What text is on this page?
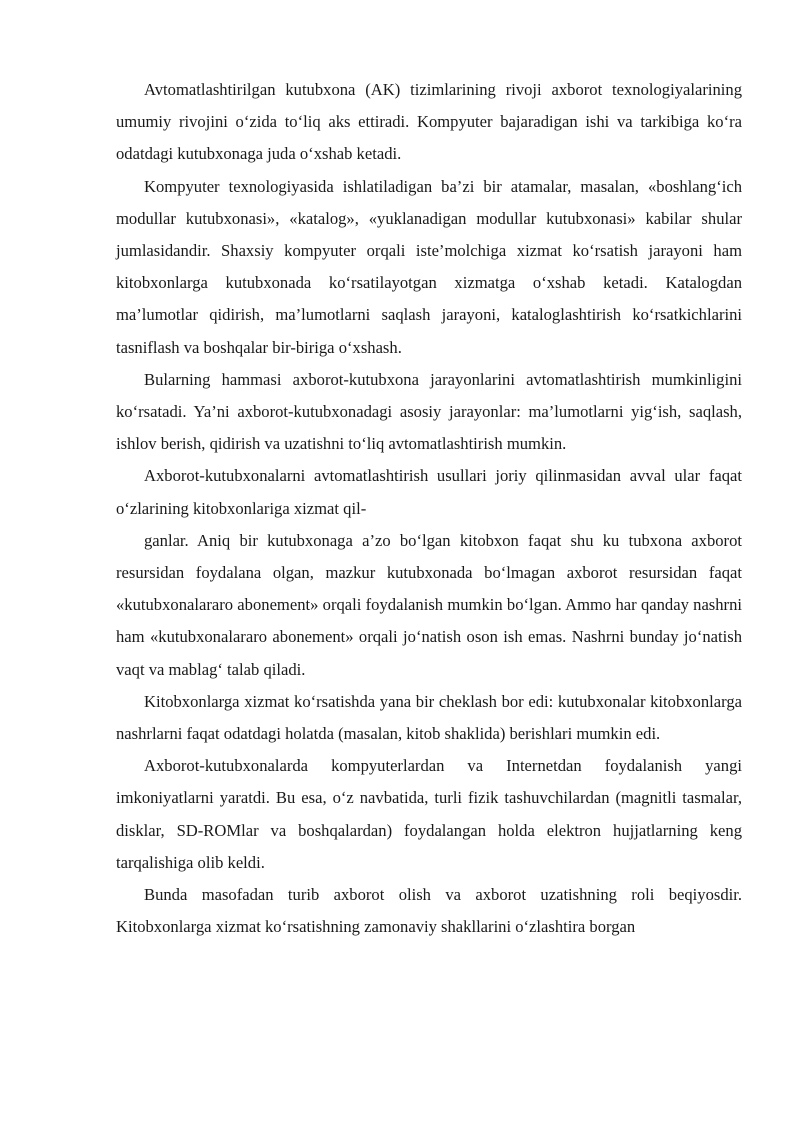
Avtomatlashtirilgan kutubxona (AK) tizimlarining rivoji axborot texnologiyalarining umumiy rivojini o‘zida to‘liq aks ettiradi. Kompyuter bajaradigan ishi va tarkibiga ko‘ra odatdagi kutubxonaga juda o‘xshab ketadi.

Kompyuter texnologiyasida ishlatiladigan ba’zi bir atamalar, masalan, «boshlang‘ich modullar kutubxonasi», «katalog», «yuklanadigan modullar kutubxonasi» kabilar shular jumlasidandir. Shaxsiy kompyuter orqali iste’molchiga xizmat ko‘rsatish jarayoni ham kitobxonlarga kutubxonada ko‘rsatilayotgan xizmatga o‘xshab ketadi. Katalogdan ma’lumotlar qidirish, ma’lumotlarni saqlash jarayoni, kataloglashtirish ko‘rsatkichlarini tasniflash va boshqalar bir-biriga o‘xshash.

Bularning hammasi axborot-kutubxona jarayonlarini avtomatlashtirish mumkinligini ko‘rsatadi. Ya’ni axborot-kutubxonadagi asosiy jarayonlar: ma’lumotlarni yig‘ish, saqlash, ishlov berish, qidirish va uzatishni to‘liq avtomatlashtirish mumkin.

Axborot-kutubxonalarni avtomatlashtirish usullari joriy qilinmasidan avval ular faqat o‘zlarining kitobxonlariga xizmat qil-

ganlar. Aniq bir kutubxonaga a’zo bo‘lgan kitobxon faqat shu ku tubxona axborot resursidan foydalana olgan, mazkur kutubxonada bo‘lmagan axborot resursidan faqat «kutubxonalararo abonement» orqali foydalanish mumkin bo‘lgan. Ammo har qanday nashrni ham «kutubxonalararo abonement» orqali jo‘natish oson ish emas. Nashrni bunday jo‘natish vaqt va mablag‘ talab qiladi.

Kitobxonlarga xizmat ko‘rsatishda yana bir cheklash bor edi: kutubxonalar kitobxonlarga nashrlarni faqat odatdagi holatda (masalan, kitob shaklida) berishlari mumkin edi.

Axborot-kutubxonalarda kompyuterlardan va Internetdan foydalanish yangi imkoniyatlarni yaratdi. Bu esa, o‘z navbatida, turli fizik tashuvchilardan (magnitli tasmalar, disklar, SD-ROMlar va boshqalardan) foydalangan holda elektron hujjatlarning keng tarqalishiga olib keldi.

Bunda masofadan turib axborot olish va axborot uzatishning roli beqiyosdir. Kitobxonlarga xizmat ko‘rsatishning zamonaviy shakllarini o‘zlashtira borgan
